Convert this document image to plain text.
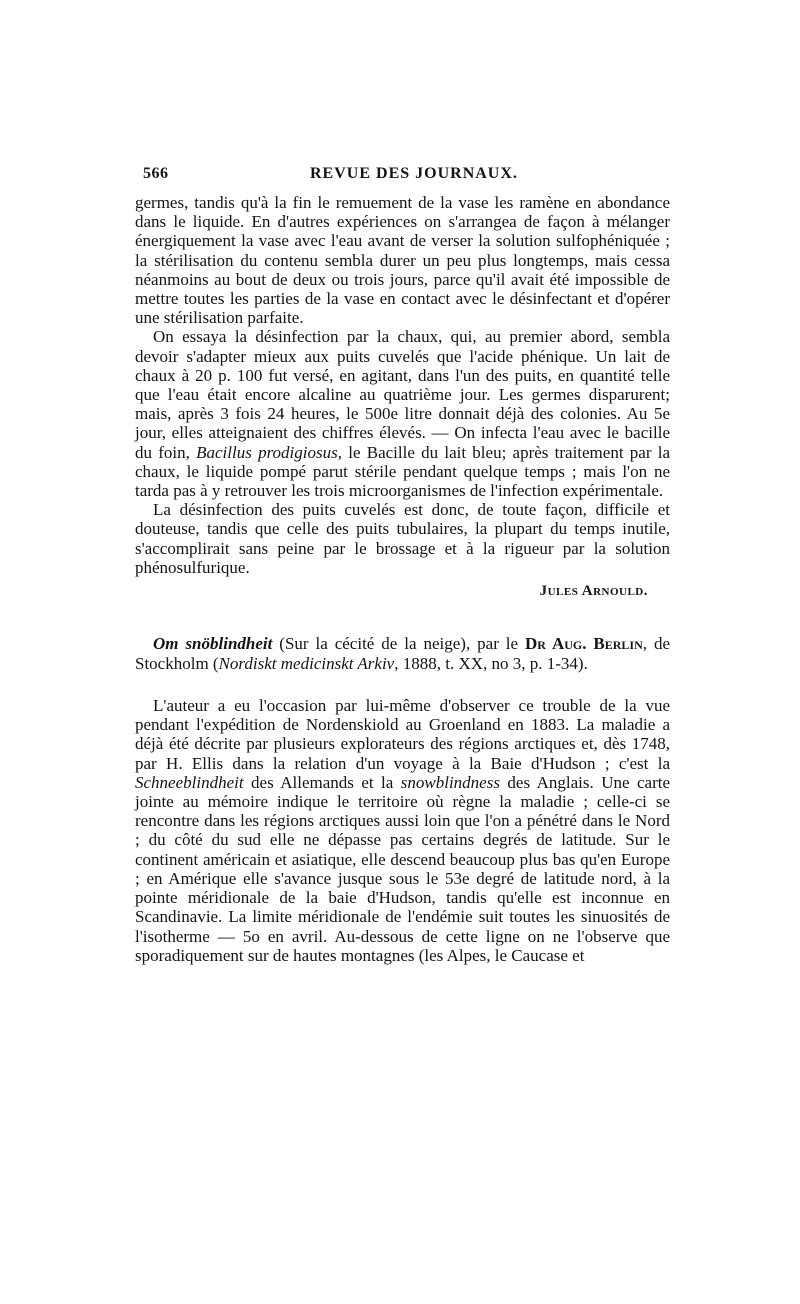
566	REVUE DES JOURNAUX.

germes, tandis qu'à la fin le remuement de la vase les ramène en abondance dans le liquide. En d'autres expériences on s'arrangea de façon à mélanger énergiquement la vase avec l'eau avant de verser la solution sulfophéniquée ; la stérilisation du contenu sembla durer un peu plus longtemps, mais cessa néanmoins au bout de deux ou trois jours, parce qu'il avait été impossible de mettre toutes les parties de la vase en contact avec le désinfectant et d'opérer une stérilisation parfaite.

On essaya la désinfection par la chaux, qui, au premier abord, sembla devoir s'adapter mieux aux puits cuvelés que l'acide phénique. Un lait de chaux à 20 p. 100 fut versé, en agitant, dans l'un des puits, en quantité telle que l'eau était encore alcaline au quatrième jour. Les germes disparurent; mais, après 3 fois 24 heures, le 500e litre donnait déjà des colonies. Au 5e jour, elles atteignaient des chiffres élevés. — On infecta l'eau avec le bacille du foin, Bacillus prodigiosus, le Bacille du lait bleu; après traitement par la chaux, le liquide pompé parut stérile pendant quelque temps ; mais l'on ne tarda pas à y retrouver les trois microorganismes de l'infection expérimentale.

La désinfection des puits cuvelés est donc, de toute façon, difficile et douteuse, tandis que celle des puits tubulaires, la plupart du temps inutile, s'accomplirait sans peine par le brossage et à la rigueur par la solution phénosulfurique.

Jules Arnould.

Om snöblindheit (Sur la cécité de la neige), par le Dr Aug. Berlin, de Stockholm (Nordiskt medicinskt Arkiv, 1888, t. XX, no 3, p. 1-34).

L'auteur a eu l'occasion par lui-même d'observer ce trouble de la vue pendant l'expédition de Nordenskiold au Groenland en 1883. La maladie a déjà été décrite par plusieurs explorateurs des régions arctiques et, dès 1748, par H. Ellis dans la relation d'un voyage à la Baie d'Hudson ; c'est la Schneeblindheit des Allemands et la snowblindness des Anglais. Une carte jointe au mémoire indique le territoire où règne la maladie ; celle-ci se rencontre dans les régions arctiques aussi loin que l'on a pénétré dans le Nord ; du côté du sud elle ne dépasse pas certains degrés de latitude. Sur le continent américain et asiatique, elle descend beaucoup plus bas qu'en Europe ; en Amérique elle s'avance jusque sous le 53e degré de latitude nord, à la pointe méridionale de la baie d'Hudson, tandis qu'elle est inconnue en Scandinavie. La limite méridionale de l'endémie suit toutes les sinuosités de l'isotherme — 5o en avril. Au-dessous de cette ligne on ne l'observe que sporadiquement sur de hautes montagnes (les Alpes, le Caucase et
